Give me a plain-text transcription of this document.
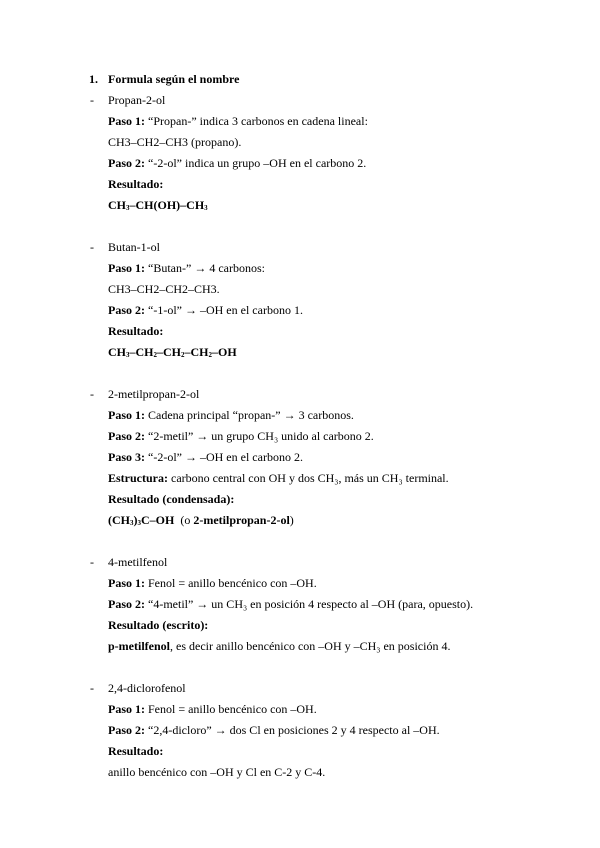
1. Formula según el nombre
- Propan-2-ol
Paso 1: “Propan-” indica 3 carbonos en cadena lineal:
CH3–CH2–CH3 (propano).
Paso 2: “-2-ol” indica un grupo –OH en el carbono 2.
Resultado:
CH3–CH(OH)–CH3
- Butan-1-ol
Paso 1: “Butan-” → 4 carbonos:
CH3–CH2–CH2–CH3.
Paso 2: “-1-ol” → –OH en el carbono 1.
Resultado:
CH3–CH2–CH2–CH2–OH
- 2-metilpropan-2-ol
Paso 1: Cadena principal “propan-” → 3 carbonos.
Paso 2: “2-metil” → un grupo CH₃ unido al carbono 2.
Paso 3: “-2-ol” → –OH en el carbono 2.
Estructura: carbono central con OH y dos CH₃, más un CH₃ terminal.
Resultado (condensada):
(CH3)3C–OH  (o 2-metilpropan-2-ol)
- 4-metilfenol
Paso 1: Fenol = anillo bencénico con –OH.
Paso 2: “4-metil” → un CH₃ en posición 4 respecto al –OH (para, opuesto).
Resultado (escrito):
p-metilfenol, es decir anillo bencénico con –OH y –CH₃ en posición 4.
- 2,4-diclorofenol
Paso 1: Fenol = anillo bencénico con –OH.
Paso 2: “2,4-dicloro” → dos Cl en posiciones 2 y 4 respecto al –OH.
Resultado:
anillo bencénico con –OH y Cl en C-2 y C-4.
